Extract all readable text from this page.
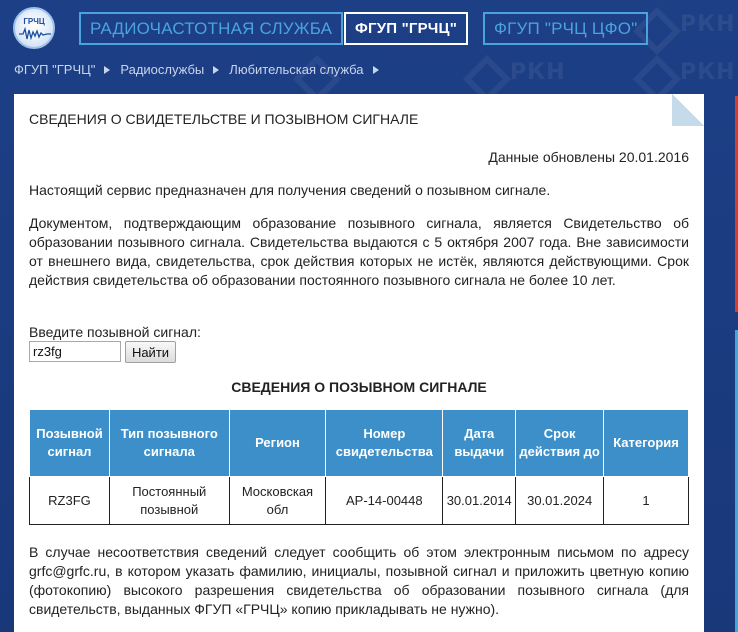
РКН
РКН	РКН
ГРЧЦ	РАДИОЧАСТОТНАЯ СЛУЖБА	ФГУП "ГРЧЦ"	ФГУП "РЧЦ ЦФО"
ФГУП "ГРЧЦ" Радиослужбы Любительская служба
СВЕДЕНИЯ О СВИДЕТЕЛЬСТВЕ И ПОЗЫВНОМ СИГНАЛЕ
Данные обновлены 20.01.2016
Настоящий сервис предназначен для получения сведений о позывном сигнале.
Документом, подтверждающим образование позывного сигнала, является Свидетельство об образовании позывного сигнала. Свидетельства выдаются с 5 октября 2007 года. Вне зависимости от внешнего вида, свидетельства, срок действия которых не истёк, являются действующими. Срок действия свидетельства об образовании постоянного позывного сигнала не более 10 лет.
Введите позывной сигнал:
rz3fg
Найти
СВЕДЕНИЯ О ПОЗЫВНОМ СИГНАЛЕ
Позывной сигнал	Тип позывного сигнала	Регион	Номер свидетельства	Дата выдачи	Срок действия до	Категория
RZ3FG	Постоянный позывной	Московская обл	АР-14-00448	30.01.2014	30.01.2024	1
В случае несоответствия сведений следует сообщить об этом электронным письмом по адресу grfc@grfc.ru, в котором указать фамилию, инициалы, позывной сигнал и приложить цветную копию (фотокопию) высокого разрешения свидетельства об образовании позывного сигнала (для свидетельств, выданных ФГУП «ГРЧЦ» копию прикладывать не нужно).
